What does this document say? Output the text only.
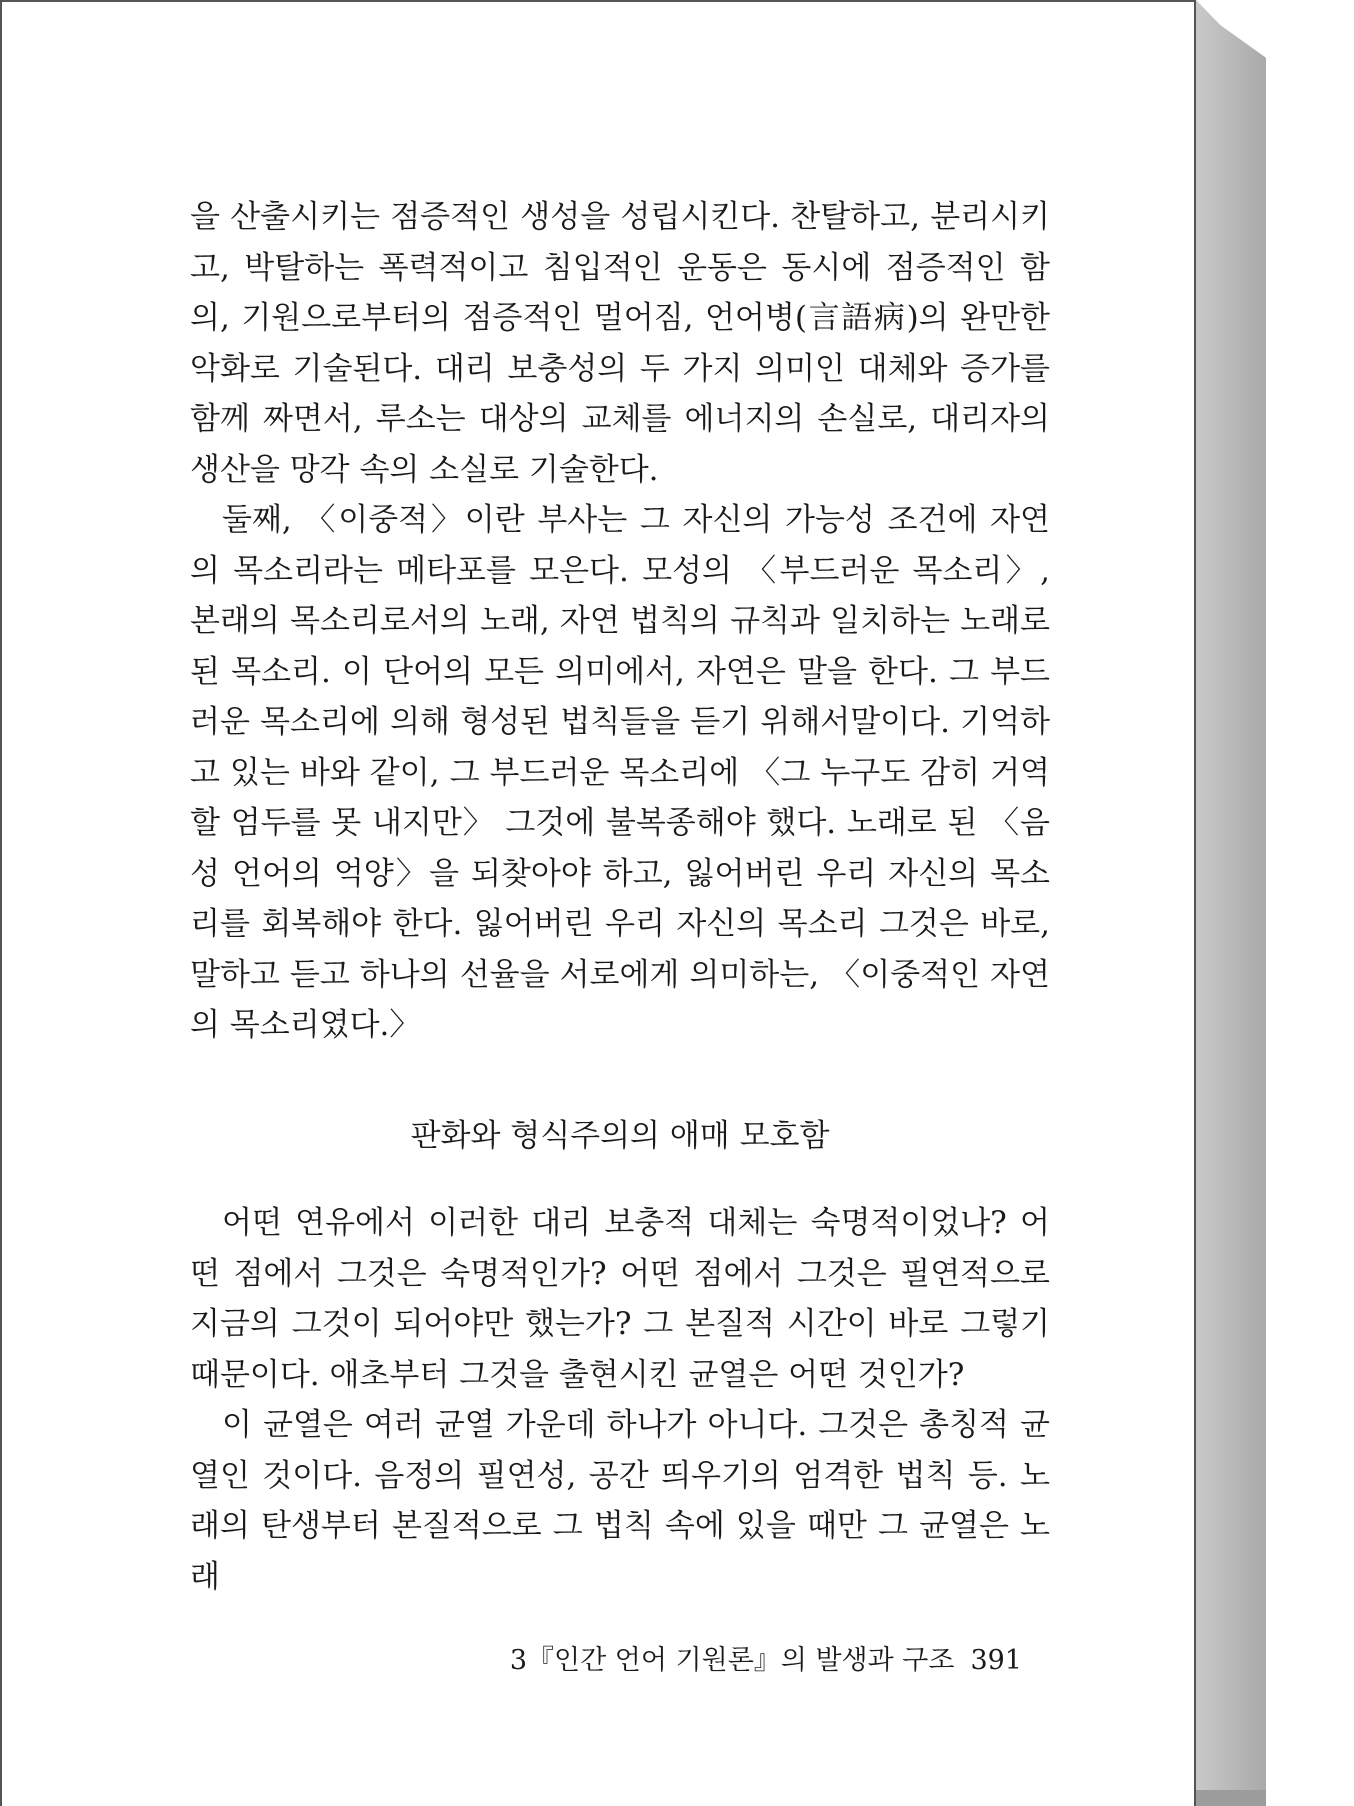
을 산출시키는 점증적인 생성을 성립시킨다. 찬탈하고, 분리시키고, 박탈하는 폭력적이고 침입적인 운동은 동시에 점증적인 함의, 기원으로부터의 점증적인 멀어짐, 언어병(言語病)의 완만한 악화로 기술된다. 대리 보충성의 두 가지 의미인 대체와 증가를 함께 짜면서, 루소는 대상의 교체를 에너지의 손실로, 대리자의 생산을 망각 속의 소실로 기술한다.

둘째, 〈이중적〉이란 부사는 그 자신의 가능성 조건에 자연의 목소리라는 메타포를 모은다. 모성의 〈부드러운 목소리〉, 본래의 목소리로서의 노래, 자연 법칙의 규칙과 일치하는 노래로 된 목소리. 이 단어의 모든 의미에서, 자연은 말을 한다. 그 부드러운 목소리에 의해 형성된 법칙들을 듣기 위해서말이다. 기억하고 있는 바와 같이, 그 부드러운 목소리에 〈그 누구도 감히 거역할 엄두를 못 내지만〉 그것에 불복종해야 했다. 노래로 된 〈음성 언어의 억양〉을 되찾아야 하고, 잃어버린 우리 자신의 목소리를 회복해야 한다. 잃어버린 우리 자신의 목소리 그것은 바로, 말하고 듣고 하나의 선율을 서로에게 의미하는, 〈이중적인 자연의 목소리였다.〉

판화와 형식주의의 애매 모호함

어떤 연유에서 이러한 대리 보충적 대체는 숙명적이었나? 어떤 점에서 그것은 숙명적인가? 어떤 점에서 그것은 필연적으로 지금의 그것이 되어야만 했는가? 그 본질적 시간이 바로 그렇기 때문이다. 애초부터 그것을 출현시킨 균열은 어떤 것인가?

이 균열은 여러 균열 가운데 하나가 아니다. 그것은 총칭적 균열인 것이다. 음정의 필연성, 공간 띄우기의 엄격한 법칙 등. 노래의 탄생부터 본질적으로 그 법칙 속에 있을 때만 그 균열은 노래

3『인간 언어 기원론』의 발생과 구조 391
